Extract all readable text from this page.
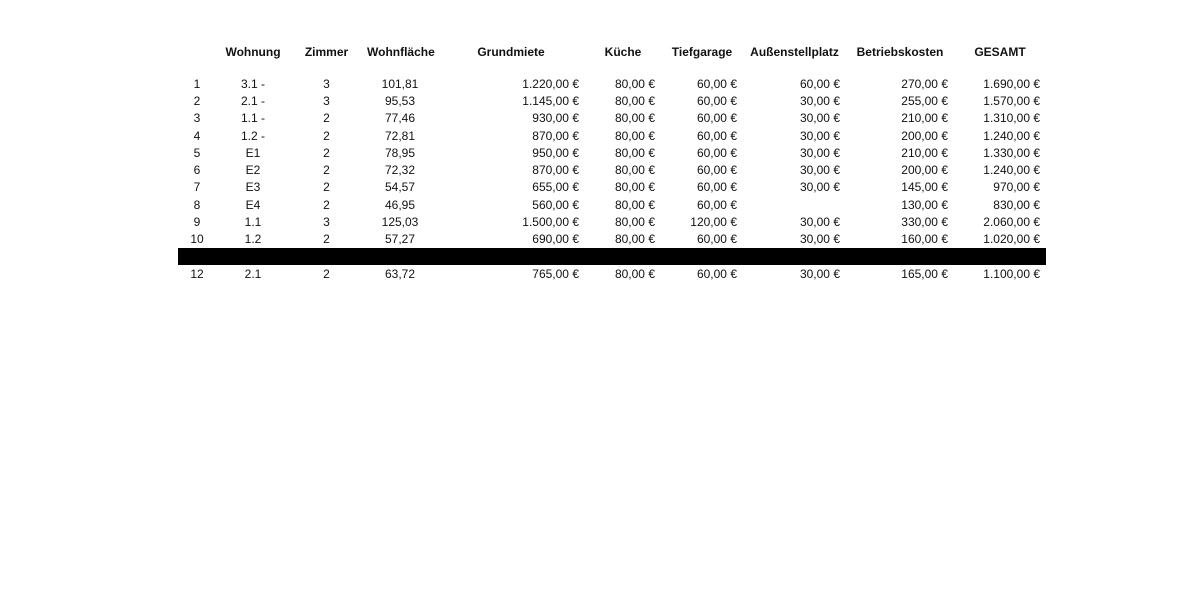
	Wohnung	Zimmer	Wohnfläche	Grundmiete	Küche	Tiefgarage	Außenstellplatz	Betriebskosten	GESAMT

1	3.1 -	3	101,81	1.220,00 €	80,00 €	60,00 €	60,00 €	270,00 €	1.690,00 €
2	2.1 -	3	95,53	1.145,00 €	80,00 €	60,00 €	30,00 €	255,00 €	1.570,00 €
3	1.1 -	2	77,46	930,00 €	80,00 €	60,00 €	30,00 €	210,00 €	1.310,00 €
4	1.2 -	2	72,81	870,00 €	80,00 €	60,00 €	30,00 €	200,00 €	1.240,00 €
5	E1	2	78,95	950,00 €	80,00 €	60,00 €	30,00 €	210,00 €	1.330,00 €
6	E2	2	72,32	870,00 €	80,00 €	60,00 €	30,00 €	200,00 €	1.240,00 €
7	E3	2	54,57	655,00 €	80,00 €	60,00 €	30,00 €	145,00 €	970,00 €
8	E4	2	46,95	560,00 €	80,00 €	60,00 €		130,00 €	830,00 €
9	1.1	3	125,03	1.500,00 €	80,00 €	120,00 €	30,00 €	330,00 €	2.060,00 €
10	1.2	2	57,27	690,00 €	80,00 €	60,00 €	30,00 €	160,00 €	1.020,00 €

12	2.1	2	63,72	765,00 €	80,00 €	60,00 €	30,00 €	165,00 €	1.100,00 €
